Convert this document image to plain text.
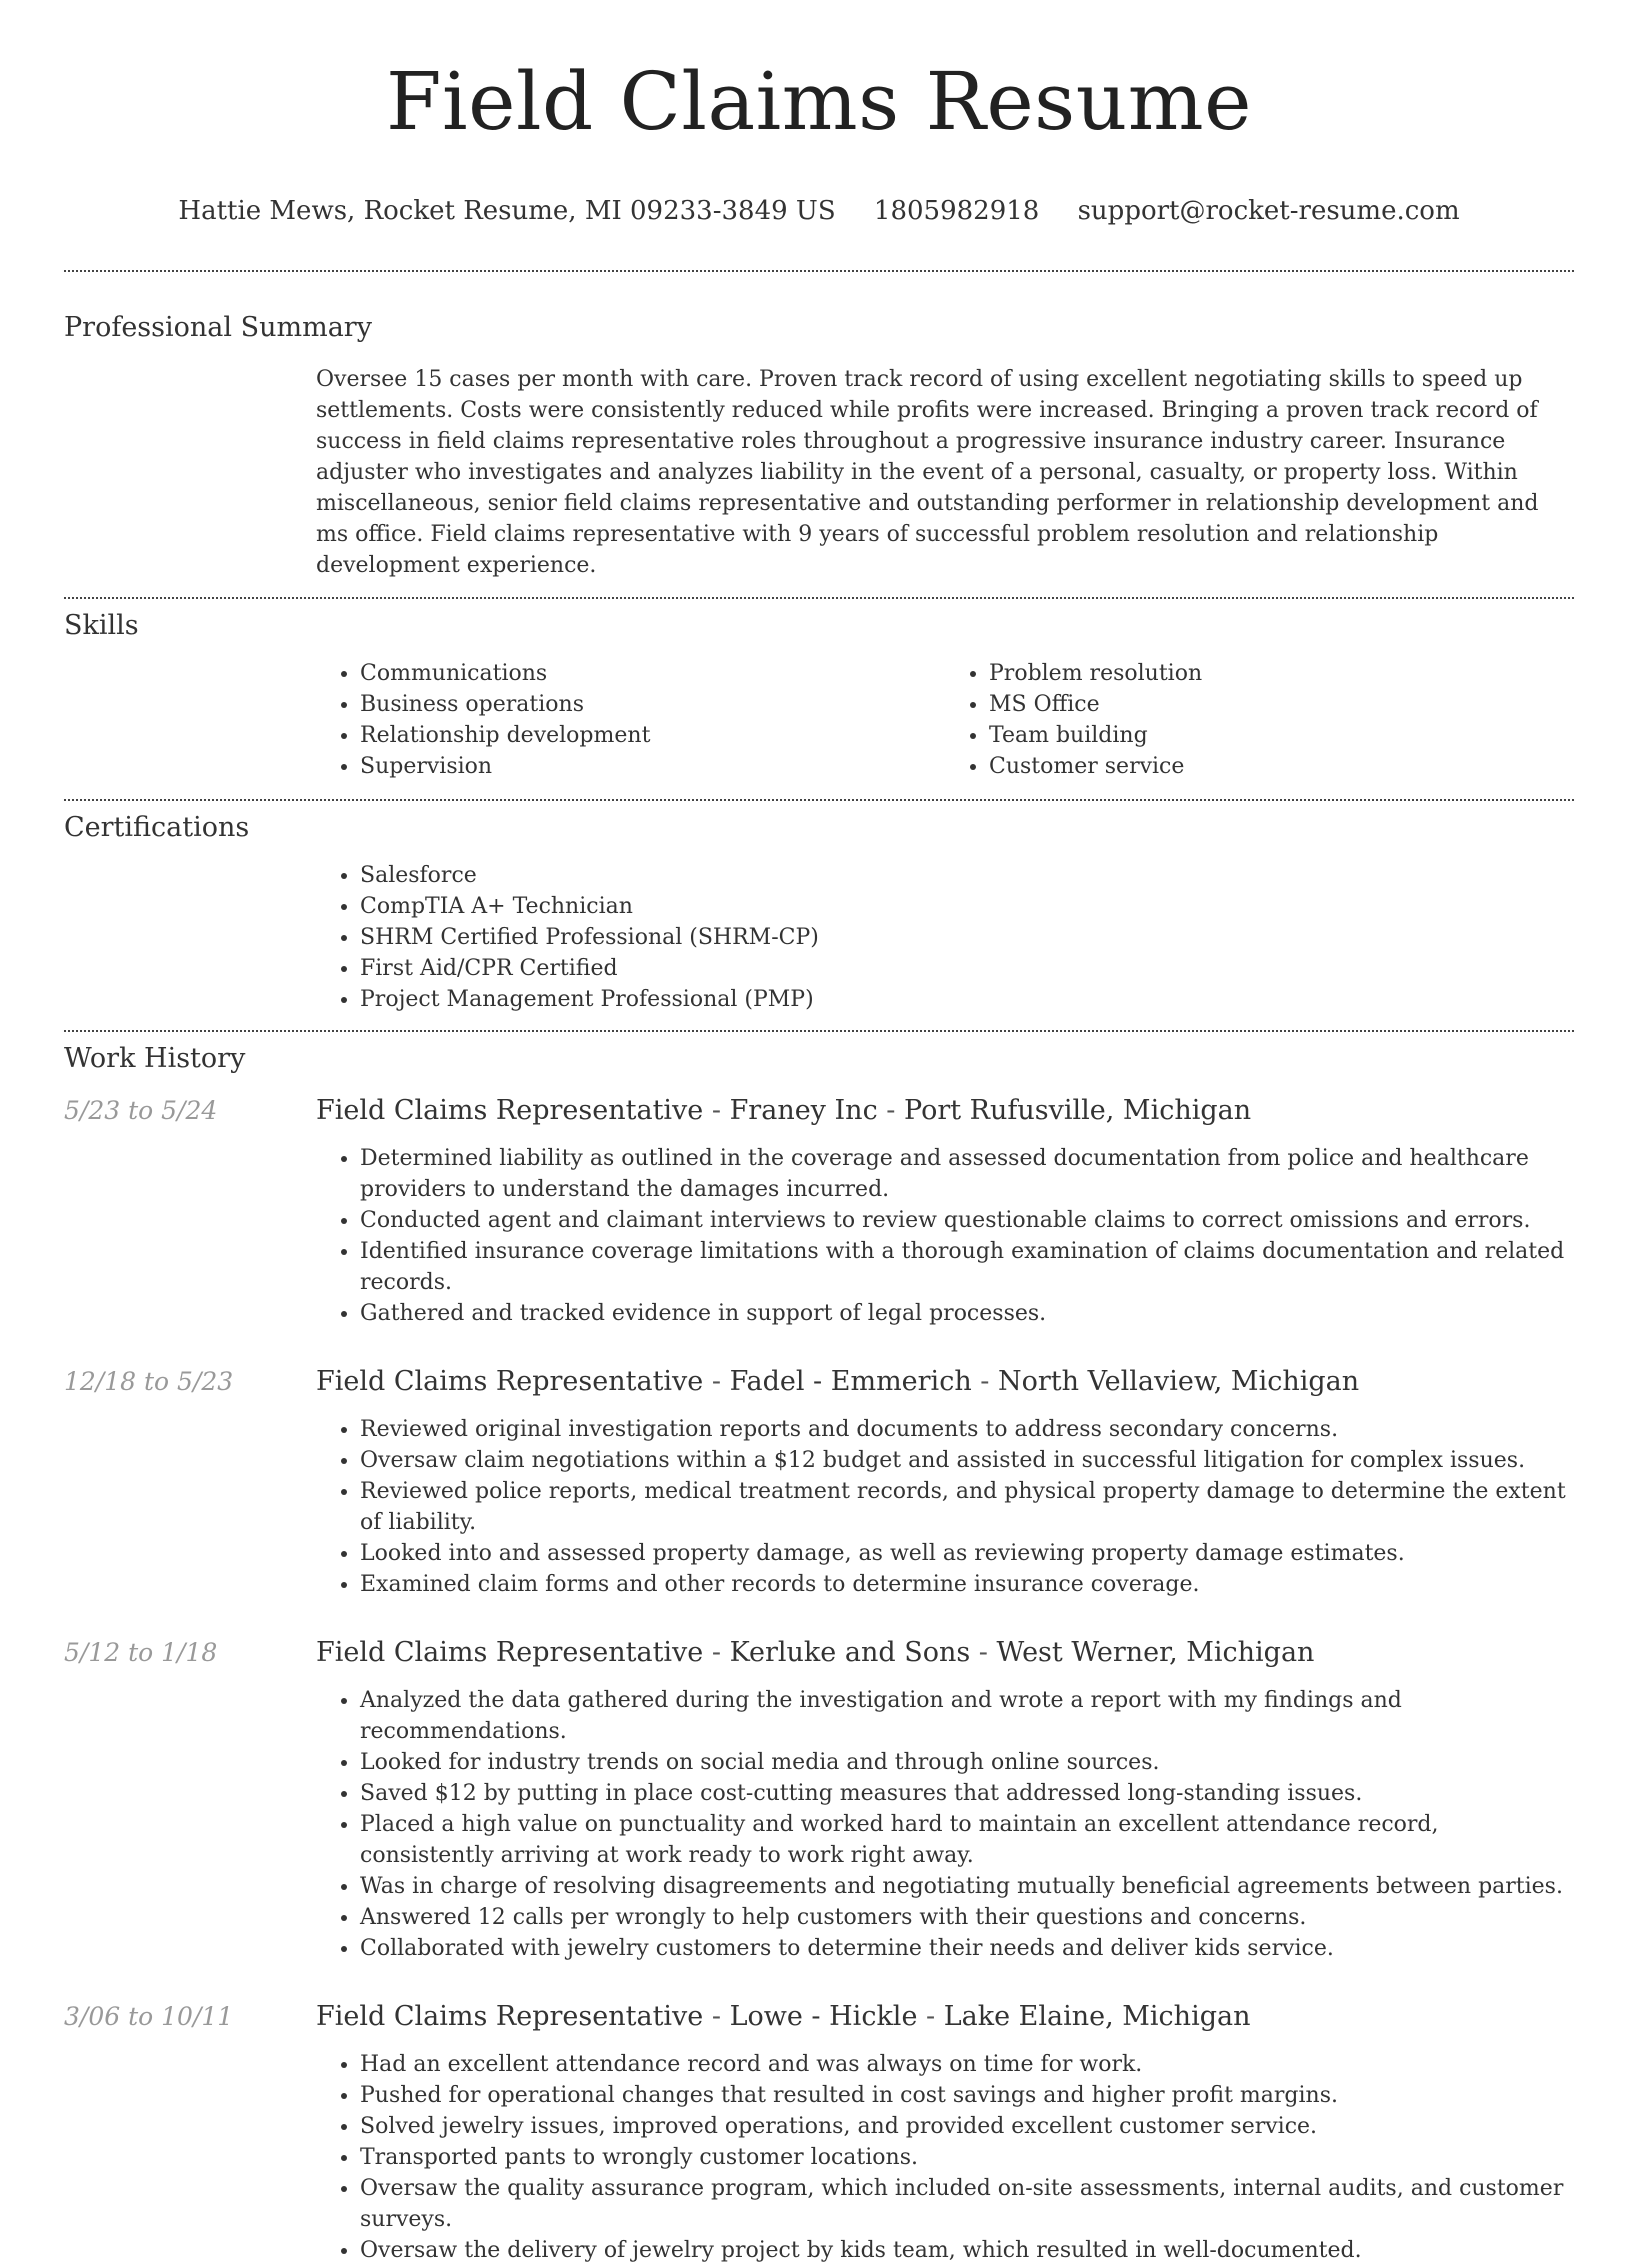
Field Claims Resume
Hattie Mews, Rocket Resume, MI 09233-3849 US 1805982918 support@rocket-resume.com
Professional Summary
Oversee 15 cases per month with care. Proven track record of using excellent negotiating skills to speed up settlements. Costs were consistently reduced while profits were increased. Bringing a proven track record of success in field claims representative roles throughout a progressive insurance industry career. Insurance adjuster who investigates and analyzes liability in the event of a personal, casualty, or property loss. Within miscellaneous, senior field claims representative and outstanding performer in relationship development and ms office. Field claims representative with 9 years of successful problem resolution and relationship development experience.
Skills
• Communications
• Business operations
• Relationship development
• Supervision
• Problem resolution
• MS Office
• Team building
• Customer service
Certifications
• Salesforce
• CompTIA A+ Technician
• SHRM Certified Professional (SHRM-CP)
• First Aid/CPR Certified
• Project Management Professional (PMP)
Work History
5/23 to 5/24	Field Claims Representative - Franey Inc - Port Rufusville, Michigan
• Determined liability as outlined in the coverage and assessed documentation from police and healthcare providers to understand the damages incurred.
• Conducted agent and claimant interviews to review questionable claims to correct omissions and errors.
• Identified insurance coverage limitations with a thorough examination of claims documentation and related records.
• Gathered and tracked evidence in support of legal processes.
12/18 to 5/23	Field Claims Representative - Fadel - Emmerich - North Vellaview, Michigan
• Reviewed original investigation reports and documents to address secondary concerns.
• Oversaw claim negotiations within a $12 budget and assisted in successful litigation for complex issues.
• Reviewed police reports, medical treatment records, and physical property damage to determine the extent of liability.
• Looked into and assessed property damage, as well as reviewing property damage estimates.
• Examined claim forms and other records to determine insurance coverage.
5/12 to 1/18	Field Claims Representative - Kerluke and Sons - West Werner, Michigan
• Analyzed the data gathered during the investigation and wrote a report with my findings and recommendations.
• Looked for industry trends on social media and through online sources.
• Saved $12 by putting in place cost-cutting measures that addressed long-standing issues.
• Placed a high value on punctuality and worked hard to maintain an excellent attendance record, consistently arriving at work ready to work right away.
• Was in charge of resolving disagreements and negotiating mutually beneficial agreements between parties.
• Answered 12 calls per wrongly to help customers with their questions and concerns.
• Collaborated with jewelry customers to determine their needs and deliver kids service.
3/06 to 10/11	Field Claims Representative - Lowe - Hickle - Lake Elaine, Michigan
• Had an excellent attendance record and was always on time for work.
• Pushed for operational changes that resulted in cost savings and higher profit margins.
• Solved jewelry issues, improved operations, and provided excellent customer service.
• Transported pants to wrongly customer locations.
• Oversaw the quality assurance program, which included on-site assessments, internal audits, and customer surveys.
• Oversaw the delivery of jewelry project by kids team, which resulted in well-documented.
